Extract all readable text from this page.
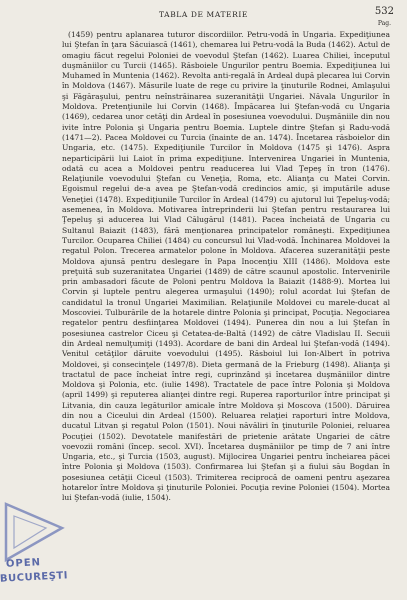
TABLA DE MATERIE	532
Pag.

(1459) pentru aplanarea tuturor discordiilor. Petru-vodă în Ungaria. Expediţiunea lui Ştefan în ţara Săcuiască (1461), chemarea lui Petru-vodă la Buda (1462). Actul de omagiu făcut regelui Poloniei de voevodul Ştefan (1462). Luarea Chiliei, începutul duşmăniilor cu Turcii (1465). Răsboiele Ungurilor pentru Boemia. Expediţiunea lui Muhamed în Muntenia (1462). Revolta anti-regală în Ardeal după plecarea lui Corvin în Moldova (1467). Măsurile luate de rege cu privire la ţinuturile Rodnei, Amlaşului şi Făgăraşului, pentru neînstrăinarea suzeranităţii Ungariei. Năvala Ungurilor în Moldova. Pretenţiunile lui Corvin (1468). Împăcarea lui Ştefan-vodă cu Ungaria (1469), cedarea unor cetăţi din Ardeal în posesiunea voevodului. Duşmăniile din nou ivite între Polonia şi Ungaria pentru Boemia. Luptele dintre Ştefan şi Radu-vodă (1471—2). Pacea Moldovei cu Turcia (înainte de an. 1474). Încetarea răsboielor din Ungaria, etc. (1475). Expediţiunile Turcilor în Moldova (1475 şi 1476). Aspra neparticipării lui Laiot în prima expediţiune. Intervenirea Ungariei în Muntenia, odată cu acea a Moldovei pentru readucerea lui Vlad Ţepeş în tron (1476). Relaţiunile voevodului Ştefan cu Veneţia, Roma, etc. Alianţa cu Matei Corvin. Egoismul regelui de-a avea pe Ştefan-vodă credincios amic, şi imputările aduse Veneţiei (1478). Expediţiunile Turcilor în Ardeal (1479) cu ajutorul lui Ţepeluş-vodă; asemenea, în Moldova. Motivarea întreprinderii lui Ştefan pentru restaurarea lui Ţepeluş şi aducerea lui Vlad Călugărul (1481). Pacea încheiată de Ungaria cu Sultanul Baiazit (1483), fără menţionarea principatelor româneşti. Expediţiunea Turcilor. Ocuparea Chiliei (1484) cu concursul lui Vlad-vodă. Închinarea Moldovei la regatul Polon. Trecerea armatelor polone în Moldova. Afacerea suzeranităţii peste Moldova ajunsă pentru deslegare în Papa Inocenţiu XIII (1486). Moldova este preţuită sub suzeranitatea Ungariei (1489) de către scaunul apostolic. Intervenirile prin ambasadori făcute de Poloni pentru Moldova la Baiazit (1488-9). Mortea lui Corvin şi luptele pentru alegerea urmaşului (1490); rolul acordat lui Ştefan de candidatul la tronul Ungariei Maximilian. Relaţiunile Moldovei cu marele-ducat al Moscoviei. Tulburările de la hotarele dintre Polonia şi principat, Pocuţia. Negociarea regatelor pentru desfiinţarea Moldovei (1494). Punerea din nou a lui Ştefan în posesiunea castrelor Ciceu şi Cetatea-de-Baltă (1492) de către Vladislau II. Secuii din Ardeal nemulţumiţi (1493). Acordare de bani din Ardeal lui Ştefan-vodă (1494). Venitul cetăţilor dăruite voevodului (1495). Răsboiul lui Ion-Albert în potriva Moldovei, şi consecinţele (1497/8). Dieta germană de la Frieburg (1498). Alianţa şi tractatul de pace încheiat între regi, cuprinzând şi încetarea duşmăniilor dintre Moldova şi Polonia, etc. (iulie 1498). Tractatele de pace între Polonia şi Moldova (april 1499) şi reputerea alianţei dintre regi. Ruperea raporturilor între principat şi Litvania, din cauza legăturilor amicale între Moldova şi Moscova (1500). Dăruirea din nou a Ciceului din Ardeal (1500). Reluarea relaţiei raporturi între Moldova, ducatul Litvan şi regatul Polon (1501). Noui năvăliri în ţinuturile Poloniei, reluarea Pocuţiei (1502). Devotatele manifestări de prietenie arătate Ungariei de către voevozii români (încep. secol. XVI). Încetarea duşmăniilor pe timp de 7 ani între Ungaria, etc., şi Turcia (1503, august). Mijlocirea Ungariei pentru încheiarea păcei între Polonia şi Moldova (1503). Confirmarea lui Ştefan şi a fiului său Bogdan în posesiunea cetăţii Ciceul (1503). Trimiterea reciprocă de oameni pentru aşezarea hotarelor între Moldova şi ţinuturile Poloniei. Pocuţia revine Poloniei (1504). Mortea lui Ştefan-vodă (iulie, 1504).

OPEN
BUCUREŞTI
